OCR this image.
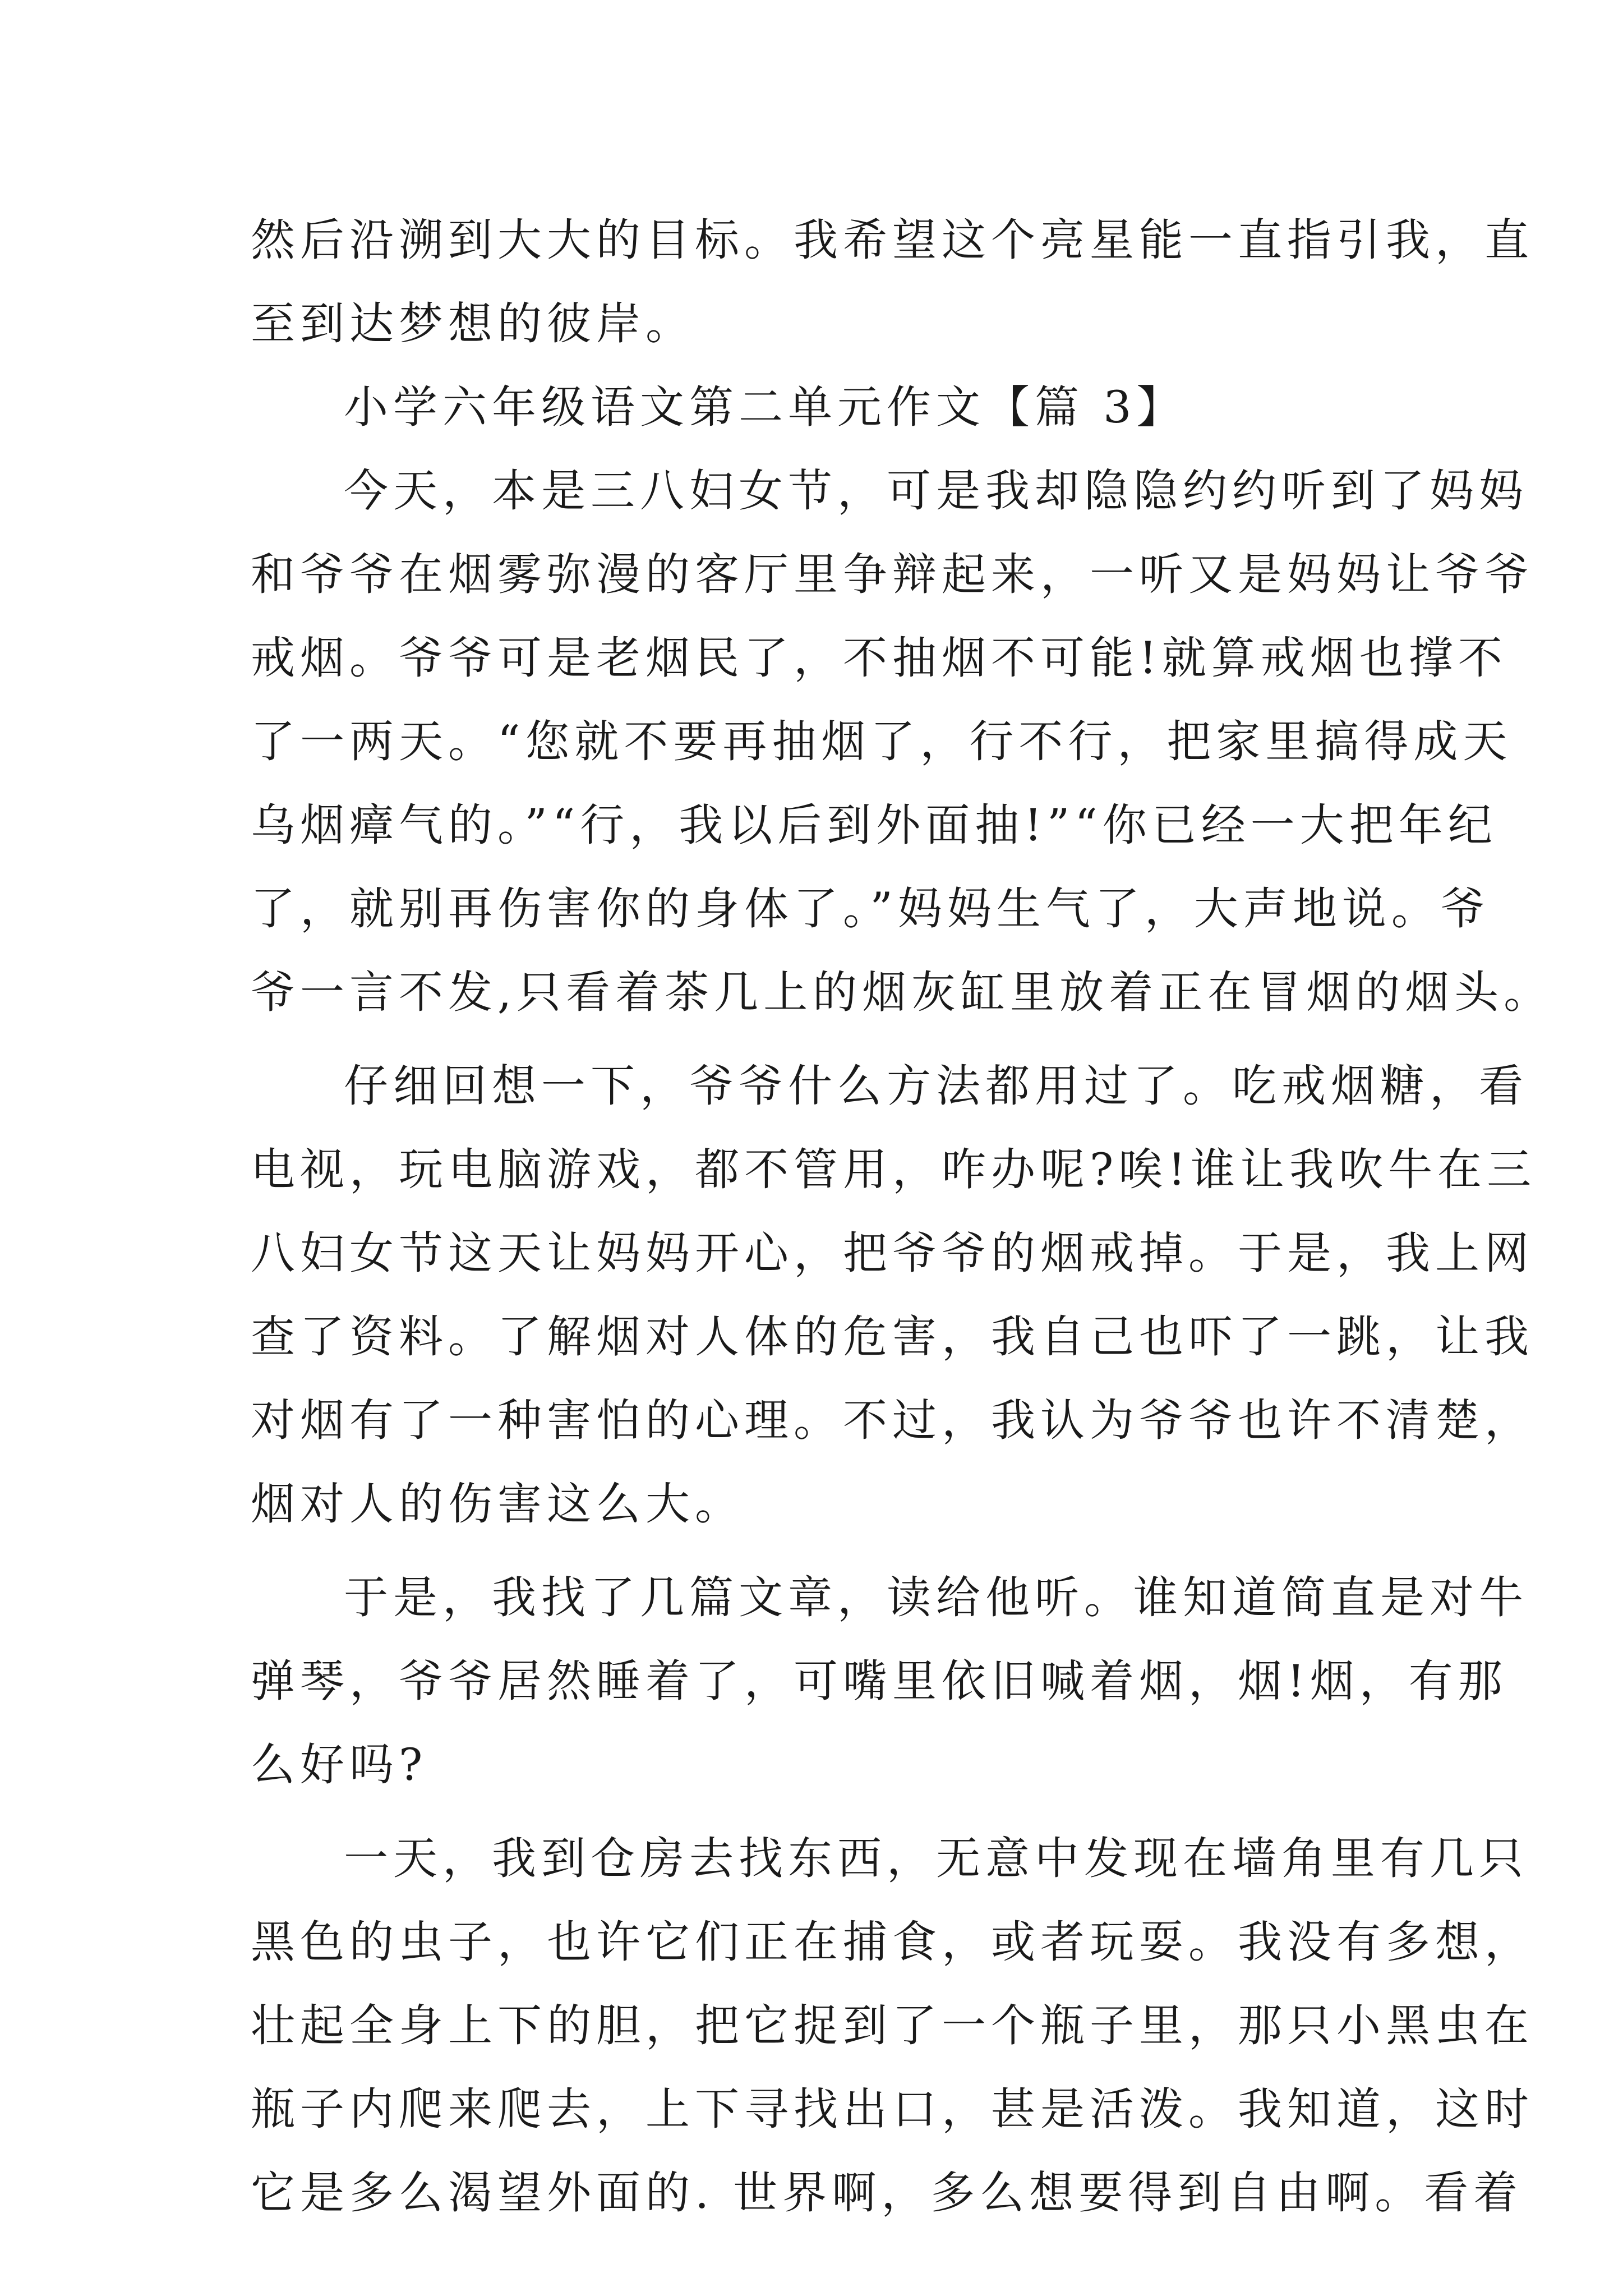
然后沿溯到大大的目标。我希望这个亮星能一直指引我，直
至到达梦想的彼岸。
小学六年级语文第二单元作文【篇 3】
今天，本是三八妇女节，可是我却隐隐约约听到了妈妈
和爷爷在烟雾弥漫的客厅里争辩起来，一听又是妈妈让爷爷
戒烟。爷爷可是老烟民了，不抽烟不可能!就算戒烟也撑不
了一两天。“您就不要再抽烟了，行不行，把家里搞得成天
乌烟瘴气的。”“行，我以后到外面抽!”“你已经一大把年纪
了，就别再伤害你的身体了。”妈妈生气了，大声地说。爷
爷一言不发,只看着茶几上的烟灰缸里放着正在冒烟的烟头。
仔细回想一下，爷爷什么方法都用过了。吃戒烟糖，看
电视，玩电脑游戏，都不管用，咋办呢?唉!谁让我吹牛在三
八妇女节这天让妈妈开心，把爷爷的烟戒掉。于是，我上网
查了资料。了解烟对人体的危害，我自己也吓了一跳，让我
对烟有了一种害怕的心理。不过，我认为爷爷也许不清楚，
烟对人的伤害这么大。
于是，我找了几篇文章，读给他听。谁知道简直是对牛
弹琴，爷爷居然睡着了，可嘴里依旧喊着烟，烟!烟，有那
么好吗?
一天，我到仓房去找东西，无意中发现在墙角里有几只
黑色的虫子，也许它们正在捕食，或者玩耍。我没有多想，
壮起全身上下的胆，把它捉到了一个瓶子里，那只小黑虫在
瓶子内爬来爬去，上下寻找出口，甚是活泼。我知道，这时
它是多么渴望外面的. 世界啊，多么想要得到自由啊。看着
